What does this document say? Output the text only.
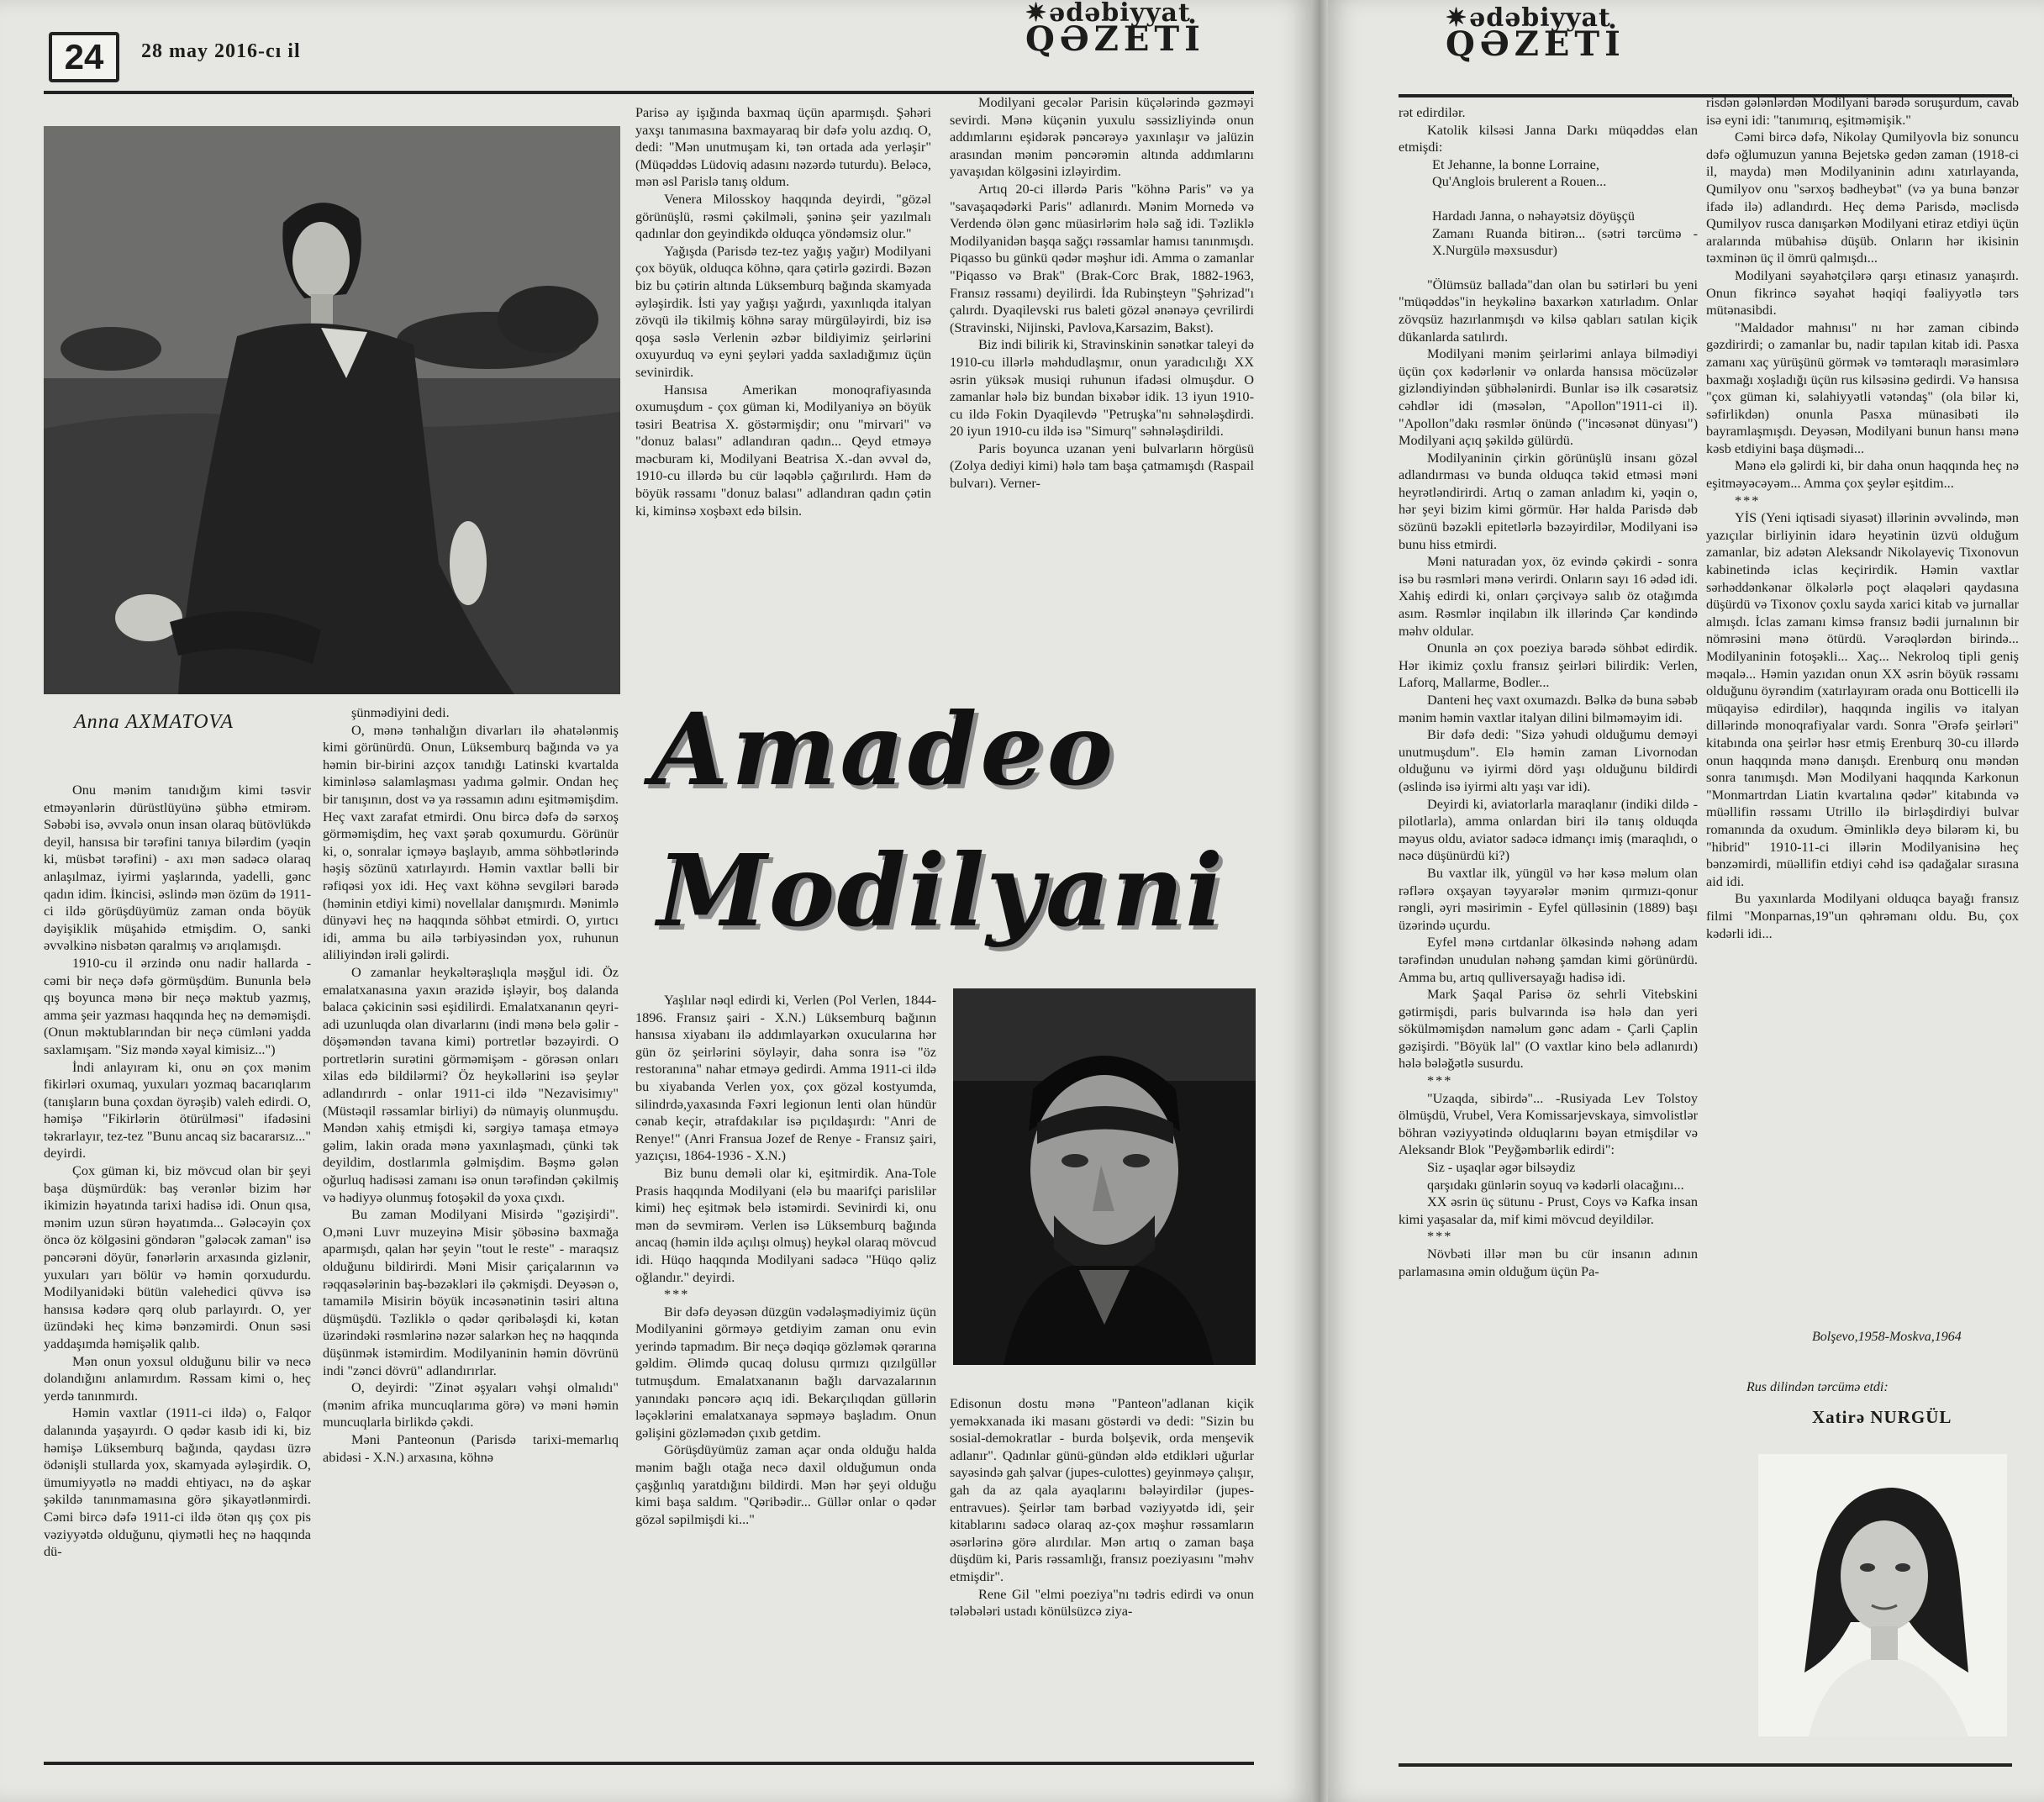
24 28 may 2016-cı il
✷ədəbiyyat
QƏZETİ
Anna AXMATOVA

Onu mənim tanıdığım kimi təsvir etməyənlərin dürüstlüyünə şübhə etmirəm. Səbəbi isə, əvvələ onun insan olaraq bütövlükdə deyil, hansısa bir tərəfini tanıya bilərdim (yəqin ki, müsbət tərəfini) - axı mən sadəcə olaraq anlaşılmaz, iyirmi yaşlarında, yadelli, gənc qadın idim. İkincisi, əslində mən özüm də 1911-ci ildə görüşdüyümüz zaman onda böyük dəyişiklik müşahidə etmişdim. O, sanki əvvəlkinə nisbətən qaralmış və arıqlamışdı.

1910-cu il ərzində onu nadir hallarda - cəmi bir neçə dəfə görmüşdüm. Bununla belə qış boyunca mənə bir neçə məktub yazmış, amma şeir yazması haqqında heç nə deməmişdi. (Onun məktublarından bir neçə cümləni yadda saxlamışam. "Siz məndə xəyal kimisiz...")

İndi anlayıram ki, onu ən çox mənim fikirləri oxumaq, yuxuları yozmaq bacarıqlarım (tanışların buna çoxdan öyrəşib) valeh edirdi. O, həmişə "Fikirlərin ötürülməsi" ifadəsini təkrarlayır, tez-tez "Bunu ancaq siz bacararsız..." deyirdi.

Çox güman ki, biz mövcud olan bir şeyi başa düşmürdük: baş verənlər bizim hər ikimizin həyatında tarixi hadisə idi. Onun qısa, mənim uzun sürən həyatımda... Gələcəyin çox öncə öz kölgəsini göndərən "gələcək zaman" isə pəncərəni döyür, fənərlərin arxasında gizlənir, yuxuları yarı bölür və həmin qorxudurdu. Modilyanidəki bütün valehedici qüvvə isə hansısa kədərə qərq olub parlayırdı. O, yer üzündəki heç kimə bənzəmirdi. Onun səsi yaddaşımda həmişəlik qalıb.

Mən onun yoxsul olduğunu bilir və necə dolandığını anlamırdım. Rəssam kimi o, heç yerdə tanınmırdı.

Həmin vaxtlar (1911-ci ildə) o, Falqor dalanında yaşayırdı. O qədər kasıb idi ki, biz həmişə Lüksemburq bağında, qaydası üzrə ödənişli stullarda yox, skamyada əyləşirdik. O, ümumiyyətlə nə maddi ehtiyacı, nə də aşkar şəkildə tanınmamasına görə şikayətlənmirdi. Cəmi bircə dəfə 1911-ci ildə ötən qış çox pis vəziyyətdə olduğunu, qiymətli heç nə haqqında dü-

şünmədiyini dedi.

O, mənə tənhalığın divarları ilə əhatələnmiş kimi görünürdü. Onun, Lüksemburq bağında və ya həmin bir-birini azçox tanıdığı Latinski kvartalda kiminləsə salamlaşması yadıma gəlmir. Ondan heç bir tanışının, dost və ya rəssamın adını eşitməmişdim. Heç vaxt zarafat etmirdi. Onu bircə dəfə də sərxoş görməmişdim, heç vaxt şərab qoxumurdu. Görünür ki, o, sonralar içməyə başlayıb, amma söhbətlərində həşiş sözünü xatırlayırdı. Həmin vaxtlar bəlli bir rəfiqəsi yox idi. Heç vaxt köhnə sevgiləri barədə (həminin etdiyi kimi) novellalar danışmırdı. Mənimlə dünyəvi heç nə haqqında söhbət etmirdi. O, yırtıcı idi, amma bu ailə tərbiyəsindən yox, ruhunun aliliyindən irəli gəlirdi.

O zamanlar heykəltəraşlıqla məşğul idi. Öz emalatxanasına yaxın ərazidə işləyir, boş dalanda balaca çəkicinin səsi eşidilirdi. Emalatxananın qeyri-adi uzunluqda olan divarlarını (indi mənə belə gəlir - döşəməndən tavana kimi) portretlər bəzəyirdi. O portretlərin surətini görməmişəm - görəsən onları xilas edə bildilərmi? Öz heykəllərini isə şeylər adlandırırdı - onlar 1911-ci ildə "Nezavisimıy" (Müstəqil rəssamlar birliyi) də nümayiş olunmuşdu. Məndən xahiş etmişdi ki, sərgiyə tamaşa etməyə gəlim, lakin orada mənə yaxınlaşmadı, çünki tək deyildim, dostlarımla gəlmişdim. Bəşmə gələn oğurluq hadisəsi zamanı isə onun tərəfindən çəkilmiş və hədiyyə olunmuş fotoşəkil də yoxa çıxdı.

Bu zaman Modilyani Misirdə "gəzişirdi". O,məni Luvr muzeyinə Misir şöbəsinə baxmağa aparmışdı, qalan hər şeyin "tout le reste" - maraqsız olduğunu bildirirdi. Məni Misir çariçalarının və rəqqasələrinin baş-bəzəkləri ilə çəkmişdi. Deyəsən o, tamamilə Misirin böyük incəsənətinin təsiri altına düşmüşdü. Təzliklə o qədər qəribələşdi ki, kətan üzərindəki rəsmlərinə nəzər salarkən heç nə haqqında düşünmək istəmirdim. Modilyaninin həmin dövrünü indi "zənci dövrü" adlandırırlar.

O, deyirdi: "Zinət əşyaları vəhşi olmalıdı" (mənim afrika muncuqlarıma görə) və məni həmin muncuqlarla birlikdə çəkdi.

Məni Panteonun (Parisdə tarixi-memarlıq abidəsi - X.N.) arxasına, köhnə

Parisə ay işığında baxmaq üçün aparmışdı. Şəhəri yaxşı tanımasına baxmayaraq bir dəfə yolu azdıq. O, dedi: "Mən unutmuşam ki, tən ortada ada yerləşir" (Müqəddəs Lüdoviq adasını nəzərdə tuturdu). Beləcə, mən əsl Parislə tanış oldum.

Venera Milosskoy haqqında deyirdi, "gözəl görünüşlü, rəsmi çəkilməli, şəninə şeir yazılmalı qadınlar don geyindikdə olduqca yöndəmsiz olur."

Yağışda (Parisdə tez-tez yağış yağır) Modilyani çox böyük, olduqca köhnə, qara çətirlə gəzirdi. Bəzən biz bu çətirin altında Lüksemburq bağında skamyada əyləşirdik. İsti yay yağışı yağırdı, yaxınlıqda italyan zövqü ilə tikilmiş köhnə saray mürgüləyirdi, biz isə qoşa səslə Verlenin əzbər bildiyimiz şeirlərini oxuyurduq və eyni şeyləri yadda saxladığımız üçün sevinirdik.

Hansısa Amerikan monoqrafiyasında oxumuşdum - çox güman ki, Modilyaniyə ən böyük təsiri Beatrisa X. göstərmişdir; onu "mirvari" və "donuz balası" adlandıran qadın... Qeyd etməyə məcburam ki, Modilyani Beatrisa X.-dan əvvəl də, 1910-cu illərdə bu cür ləqəblə çağırılırdı. Həm də böyük rəssamı "donuz balası" adlandıran qadın çətin ki, kiminsə xoşbəxt edə bilsin.

Modilyani gecələr Parisin küçələrində gəzməyi sevirdi. Mənə küçənin yuxulu səssizliyində onun addımlarını eşidərək pəncərəyə yaxınlaşır və jalüzin arasından mənim pəncərəmin altında addımlarını yavaşıdan kölgəsini izləyirdim.

Artıq 20-ci illərdə Paris "köhnə Paris" və ya "savaşaqədərki Paris" adlanırdı. Mənim Mornedə və Verdendə ölən gənc müasirlərim hələ sağ idi. Təzliklə Modilyanidən başqa sağçı rəssamlar hamısı tanınmışdı. Piqasso bu günkü qədər məşhur idi. Amma o zamanlar "Piqasso və Brak" (Brak-Corc Brak, 1882-1963, Fransız rəssamı) deyilirdi. İda Rubinşteyn "Şəhrizad"ı çalırdı. Dyaqilevski rus baleti gözəl ənənəyə çevrilirdi (Stravinski, Nijinski, Pavlova,Karsazim, Bakst).

Biz indi bilirik ki, Stravinskinin sənətkar taleyi də 1910-cu illərlə məhdudlaşmır, onun yaradıcılığı XX əsrin yüksək musiqi ruhunun ifadəsi olmuşdur. O zamanlar hələ biz bundan bixəbər idik. 13 iyun 1910-cu ildə Fokin Dyaqilevdə "Petruşka"nı səhnələşdirdi. 20 iyun 1910-cu ildə isə "Simurq" səhnələşdirildi.

Paris boyunca uzanan yeni bulvarların hörgüsü (Zolya dediyi kimi) hələ tam başa çatmamışdı (Raspail bulvarı). Verner-

Amadeo
Modilyani

Yaşlılar nəql edirdi ki, Verlen (Pol Verlen, 1844-1896. Fransız şairi - X.N.) Lüksemburq bağının hansısa xiyabanı ilə addımlayarkən oxucularına hər gün öz şeirlərini söyləyir, daha sonra isə "öz restoranına" nahar etməyə gedirdi. Amma 1911-ci ildə bu xiyabanda Verlen yox, çox gözəl kostyumda, silindrdə,yaxasında Fəxri legionun lenti olan hündür cənab keçir, ətrafdakılar isə pıçıldaşırdı: "Anri de Renye!" (Anri Fransua Jozef de Renye - Fransız şairi, yazıçısı, 1864-1936 - X.N.)

Biz bunu deməli olar ki, eşitmirdik. Ana-Tole Prasis haqqında Modilyani (elə bu maarifçi parislilər kimi) heç eşitmək belə istəmirdi. Sevinirdi ki, onu mən də sevmirəm. Verlen isə Lüksemburq bağında ancaq (həmin ildə açılışı olmuş) heykəl olaraq mövcud idi. Hüqo haqqında Modilyani sadəcə "Hüqo qəliz oğlandır." deyirdi.

***

Bir dəfə deyəsən düzgün vədələşmədiyimiz üçün Modilyanini görməyə getdiyim zaman onu evin yerində tapmadım. Bir neçə dəqiqə gözləmək qərarına gəldim. Əlimdə qucaq dolusu qırmızı qızılgüllər tutmuşdum. Emalatxananın bağlı darvazalarının yanındakı pəncərə açıq idi. Bekarçılıqdan güllərin ləçəklərini emalatxanaya səpməyə başladım. Onun gəlişini gözləmədən çıxıb getdim.

Görüşdüyümüz zaman açar onda olduğu halda mənim bağlı otağa necə daxil olduğumun onda çaşğınlıq yaratdığını bildirdi. Mən hər şeyi olduğu kimi başa saldım. "Qəribədir... Güllər onlar o qədər gözəl səpilmişdi ki..."

Edisonun dostu mənə "Panteon"adlanan kiçik yeməkxanada iki masanı göstərdi və dedi: "Sizin bu sosial-demokratlar - burda bolşevik, orda menşevik adlanır". Qadınlar günü-gündən əldə etdikləri uğurlar sayəsində gah şalvar (jupes-culottes) geyinməyə çalışır, gah da az qala ayaqlarını bələyirdilər (jupes-entravues). Şeirlər tam bərbad vəziyyətdə idi, şeir kitablarını sadəcə olaraq az-çox məşhur rəssamların əsərlərinə görə alırdılar. Mən artıq o zaman başa düşdüm ki, Paris rəssamlığı, fransız poeziyasını "məhv etmişdir".

Rene Gil "elmi poeziya"nı tədris edirdi və onun tələbələri ustadı könülsüzcə ziya-

✷ədəbiyyat
QƏZETİ

rət edirdilər.

Katolik kilsəsi Janna Darkı müqəddəs elan etmişdi:

Et Jehanne, la bonne Lorraine,

Qu'Anglois brulerent a Rouen...

Hardadı Janna, o nəhayətsiz döyüşçü

Zamanı Ruanda bitirən... (sətri tərcümə - X.Nurgülə məxsusdur)

"Ölümsüz ballada"dan olan bu sətirləri bu yeni "müqəddəs"in heykəlinə baxarkən xatırladım. Onlar zövqsüz hazırlanmışdı və kilsə qabları satılan kiçik dükanlarda satılırdı.

Modilyani mənim şeirlərimi anlaya bilmədiyi üçün çox kədərlənir və onlarda hansısa möcüzələr gizləndiyindən şübhələnirdi. Bunlar isə ilk cəsarətsiz cəhdlər idi (məsələn, "Apollon"1911-ci il). "Apollon"dakı rəsmlər önündə ("incəsənət dünyası") Modilyani açıq şəkildə gülürdü.

Modilyaninin çirkin görünüşlü insanı gözəl adlandırması və bunda olduqca təkid etməsi məni heyrətləndirirdi. Artıq o zaman anladım ki, yəqin o, hər şeyi bizim kimi görmür. Hər halda Parisdə dəb sözünü bəzəkli epitetlərlə bəzəyirdilər, Modilyani isə bunu hiss etmirdi.

Məni naturadan yox, öz evində çəkirdi - sonra isə bu rəsmləri mənə verirdi. Onların sayı 16 ədəd idi. Xahiş edirdi ki, onları çərçivəyə salıb öz otağımda asım. Rəsmlər inqilabın ilk illərində Çar kəndində məhv oldular.

Onunla ən çox poeziya barədə söhbət edirdik. Hər ikimiz çoxlu fransız şeirləri bilirdik: Verlen, Laforq, Mallarme, Bodler...

Danteni heç vaxt oxumazdı. Bəlkə də buna səbəb mənim həmin vaxtlar italyan dilini bilməməyim idi.

Bir dəfə dedi: "Sizə yəhudi olduğumu deməyi unutmuşdum". Elə həmin zaman Livornodan olduğunu və iyirmi dörd yaşı olduğunu bildirdi (əslində isə iyirmi altı yaşı var idi).

Deyirdi ki, aviatorlarla maraqlanır (indiki dildə - pilotlarla), amma onlardan biri ilə tanış olduqda məyus oldu, aviator sadəcə idmançı imiş (maraqlıdı, o nəcə düşünürdü ki?)

Bu vaxtlar ilk, yüngül və hər kəsə məlum olan rəflərə oxşayan təyyarələr mənim qırmızı-qonur rəngli, əyri məsirimin - Eyfel qülləsinin (1889) başı üzərində uçurdu.

Eyfel mənə cırtdanlar ölkəsində nəhəng adam tərəfindən unudulan nəhəng şamdan kimi görünürdü. Amma bu, artıq qulliversayağı hadisə idi.

Mark Şaqal Parisə öz sehrli Vitebskini gətirmişdi, paris bulvarında isə hələ dan yeri sökülməmişdən naməlum gənc adam - Çarli Çaplin gəzişirdi. "Böyük lal" (O vaxtlar kino belə adlanırdı) hələ bələğətlə susurdu.

***

"Uzaqda, sibirdə"... -Rusiyada Lev Tolstoy ölmüşdü, Vrubel, Vera Komissarjevskaya, simvolistlər böhran vəziyyətində olduqlarını bəyan etmişdilər və Aleksandr Blok "Peyğəmbərlik edirdi":

Siz - uşaqlar əgər bilsəydiz

qarşıdakı günlərin soyuq və kədərli olacağını...

XX əsrin üç sütunu - Prust, Coys və Kafka insan kimi yaşasalar da, mif kimi mövcud deyildilər.

***

Növbəti illər mən bu cür insanın adının parlamasına əmin olduğum üçün Pa-

risdən gələnlərdən Modilyani barədə soruşurdum, cavab isə eyni idi: "tanımırıq, eşitməmişik."

Cəmi bircə dəfə, Nikolay Qumilyovla biz sonuncu dəfə oğlumuzun yanına Bejetskə gedən zaman (1918-ci il, mayda) mən Modilyaninin adını xatırlayanda, Qumilyov onu "sərxoş bədheybət" (və ya buna bənzər ifadə ilə) adlandırdı. Heç demə Parisdə, məclisdə Qumilyov rusca danışarkən Modilyani etiraz etdiyi üçün aralarında mübahisə düşüb. Onların hər ikisinin təxminən üç il ömrü qalmışdı...

Modilyani səyahətçilərə qarşı etinasız yanaşırdı. Onun fikrincə səyahət həqiqi fəaliyyətlə tərs mütənasibdi.

"Maldador mahnısı" nı hər zaman cibində gəzdirirdi; o zamanlar bu, nadir tapılan kitab idi. Pasxa zamanı xaç yürüşünü görmək və təmtəraqlı mərasimlərə baxmağı xoşladığı üçün rus kilsəsinə gedirdi. Və hansısa "çox güman ki, səlahiyyətli vətəndaş" (ola bilər ki, səfirlikdən) onunla Pasxa münasibəti ilə bayramlaşmışdı. Deyəsən, Modilyani bunun hansı mənə kəsb etdiyini başa düşmədi...

Mənə elə gəlirdi ki, bir daha onun haqqında heç nə eşitməyəcəyəm... Amma çox şeylər eşitdim...

***

YİS (Yeni iqtisadi siyasət) illərinin əvvəlində, mən yazıçılar birliyinin idarə heyətinin üzvü olduğum zamanlar, biz adətən Aleksandr Nikolayeviç Tixonovun kabinetində iclas keçirirdik. Həmin vaxtlar sərhəddənkənar ölkələrlə poçt əlaqələri qaydasına düşürdü və Tixonov çoxlu sayda xarici kitab və jurnallar almışdı. İclas zamanı kimsə fransız bədii jurnalının bir nömrəsini mənə ötürdü. Vərəqlərdən birində... Modilyaninin fotoşəkli... Xaç... Nekroloq tipli geniş məqalə... Həmin yazıdan onun XX əsrin böyük rəssamı olduğunu öyrəndim (xatırlayıram orada onu Botticelli ilə müqayisə edirdilər), haqqında ingilis və italyan dillərində monoqrafiyalar vardı. Sonra "Ərəfə şeirləri" kitabında ona şeirlər həsr etmiş Erenburq 30-cu illərdə onun haqqında mənə danışdı. Erenburq onu məndən sonra tanımışdı. Mən Modilyani haqqında Karkonun "Monmartrdan Liatin kvartalına qədər" kitabında və müəllifin rəssamı Utrillo ilə birləşdirdiyi bulvar romanında da oxudum. Əminliklə deyə bilərəm ki, bu "hibrid" 1910-11-ci illərin Modilyanisinə heç bənzəmirdi, müəllifin etdiyi cəhd isə qadağalar sırasına aid idi.

Bu yaxınlarda Modilyani olduqca bayağı fransız filmi "Monparnas,19"un qəhrəmanı oldu. Bu, çox kədərli idi...

Bolşevo,1958-Moskva,1964
Rus dilindən tərcümə etdi:
Xatirə NURGÜL
